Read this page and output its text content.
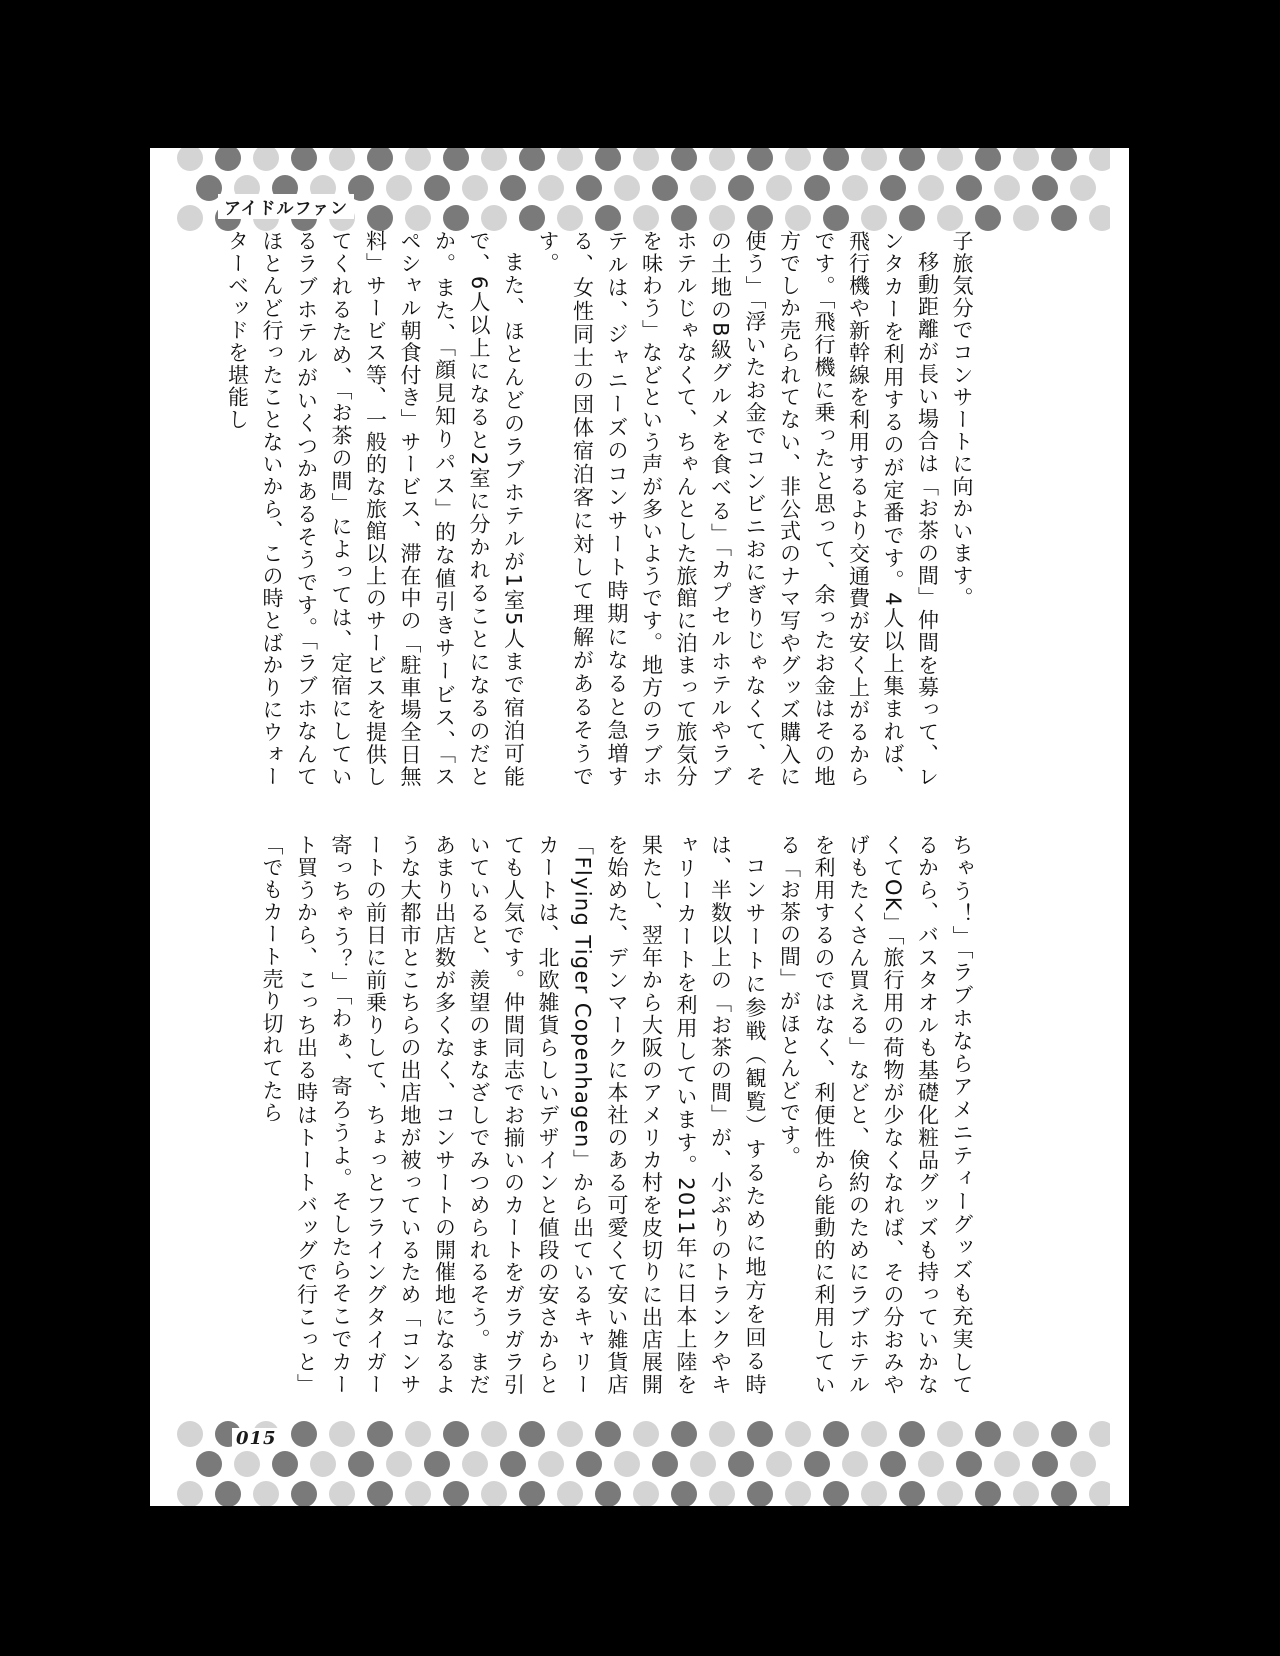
アイドルファン

子旅気分でコンサートに向かいます。

移動距離が長い場合は「お茶の間」仲間を募って、レンタカーを利用するのが定番です。4人以上集まれば、飛行機や新幹線を利用するより交通費が安く上がるからです。「飛行機に乗ったと思って、余ったお金はその地方でしか売られてない、非公式のナマ写やグッズ購入に使う」「浮いたお金でコンビニおにぎりじゃなくて、その土地のB級グルメを食べる」「カプセルホテルやラブホテルじゃなくて、ちゃんとした旅館に泊まって旅気分を味わう」などという声が多いようです。地方のラブホテルは、ジャニーズのコンサート時期になると急増する、女性同士の団体宿泊客に対して理解があるそうです。

また、ほとんどのラブホテルが1室5人まで宿泊可能で、6人以上になると2室に分かれることになるのだとか。また、「顔見知りパス」的な値引きサービス、「スペシャル朝食付き」サービス、滞在中の「駐車場全日無料」サービス等、一般的な旅館以上のサービスを提供してくれるため、「お茶の間」によっては、定宿にしているラブホテルがいくつかあるそうです。「ラブホなんてほとんど行ったことないから、この時とばかりにウォーターベッドを堪能し

ちゃう！」「ラブホならアメニティーグッズも充実してるから、バスタオルも基礎化粧品グッズも持っていかなくてOK」「旅行用の荷物が少なくなれば、その分おみやげもたくさん買える」などと、倹約のためにラブホテルを利用するのではなく、利便性から能動的に利用している「お茶の間」がほとんどです。

コンサートに参戦（観覧）するために地方を回る時は、半数以上の「お茶の間」が、小ぶりのトランクやキャリーカートを利用しています。2011年に日本上陸を果たし、翌年から大阪のアメリカ村を皮切りに出店展開を始めた、デンマークに本社のある可愛くて安い雑貨店「Flying Tiger Copenhagen」から出ているキャリーカートは、北欧雑貨らしいデザインと値段の安さからとても人気です。仲間同志でお揃いのカートをガラガラ引いていると、羨望のまなざしでみつめられるそう。まだあまり出店数が多くなく、コンサートの開催地になるような大都市とこちらの出店地が被っているため「コンサートの前日に前乗りして、ちょっとフライングタイガー寄っちゃう？」「わぁ、寄ろうよ。そしたらそこでカート買うから、こっち出る時はトートバッグで行こっと」「でもカート売り切れてたら

015
